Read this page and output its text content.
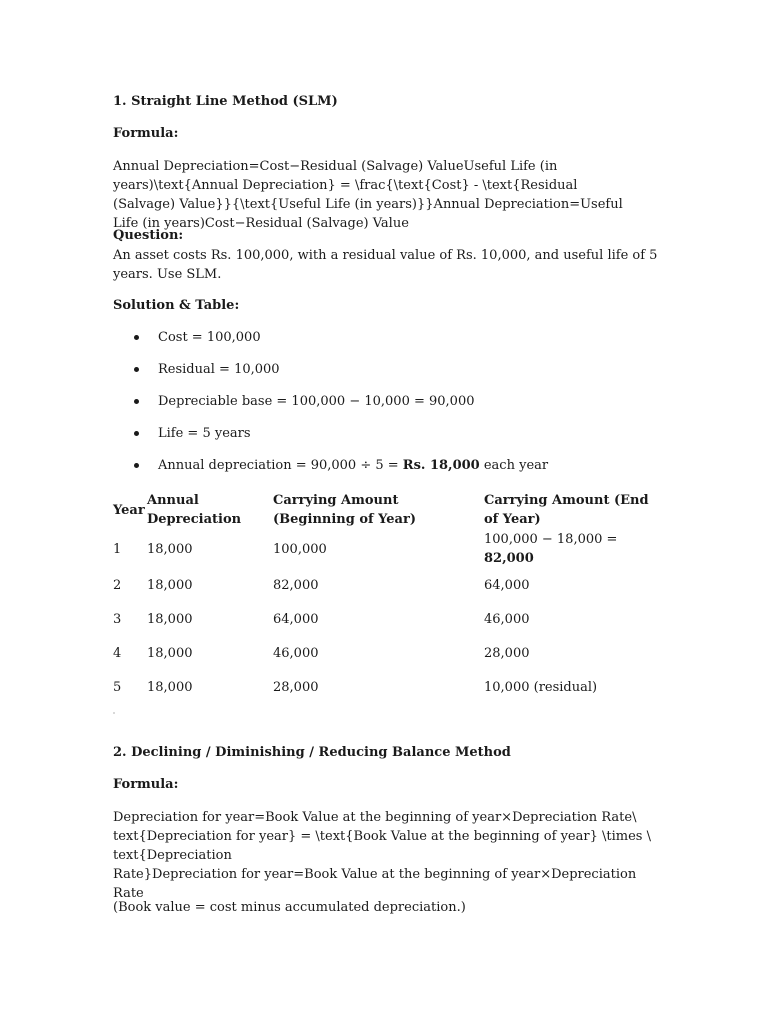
1. Straight Line Method (SLM)
Formula:

Annual Depreciation=Cost−Residual (Salvage) ValueUseful Life (in years)\text{Annual Depreciation} = \frac{\text{Cost} - \text{Residual (Salvage) Value}}{\text{Useful Life (in years)}}Annual Depreciation=Useful Life (in years)Cost−Residual (Salvage) Value

Question:

An asset costs Rs. 100,000, with a residual value of Rs. 10,000, and useful life of 5 years. Use SLM.

Solution & Table:
Cost = 100,000
Residual = 10,000
Depreciable base = 100,000 − 10,000 = 90,000
Life = 5 years
Annual depreciation = 90,000 ÷ 5 = Rs. 18,000 each year
Year	Annual Depreciation	Carrying Amount (Beginning of Year)	Carrying Amount (End of Year)
1	18,000	100,000	100,000 − 18,000 = 82,000
2	18,000	82,000	64,000
3	18,000	64,000	46,000
4	18,000	46,000	28,000
5	18,000	28,000	10,000 (residual)
2. Declining / Diminishing / Reducing Balance Method
Formula:

Depreciation for year=Book Value at the beginning of year×Depreciation Rate\

text{Depreciation for year} = \text{Book Value at the beginning of year} \times \

text{Depreciation

Rate}Depreciation for year=Book Value at the beginning of year×Depreciation Rate

(Book value = cost minus accumulated depreciation.)
